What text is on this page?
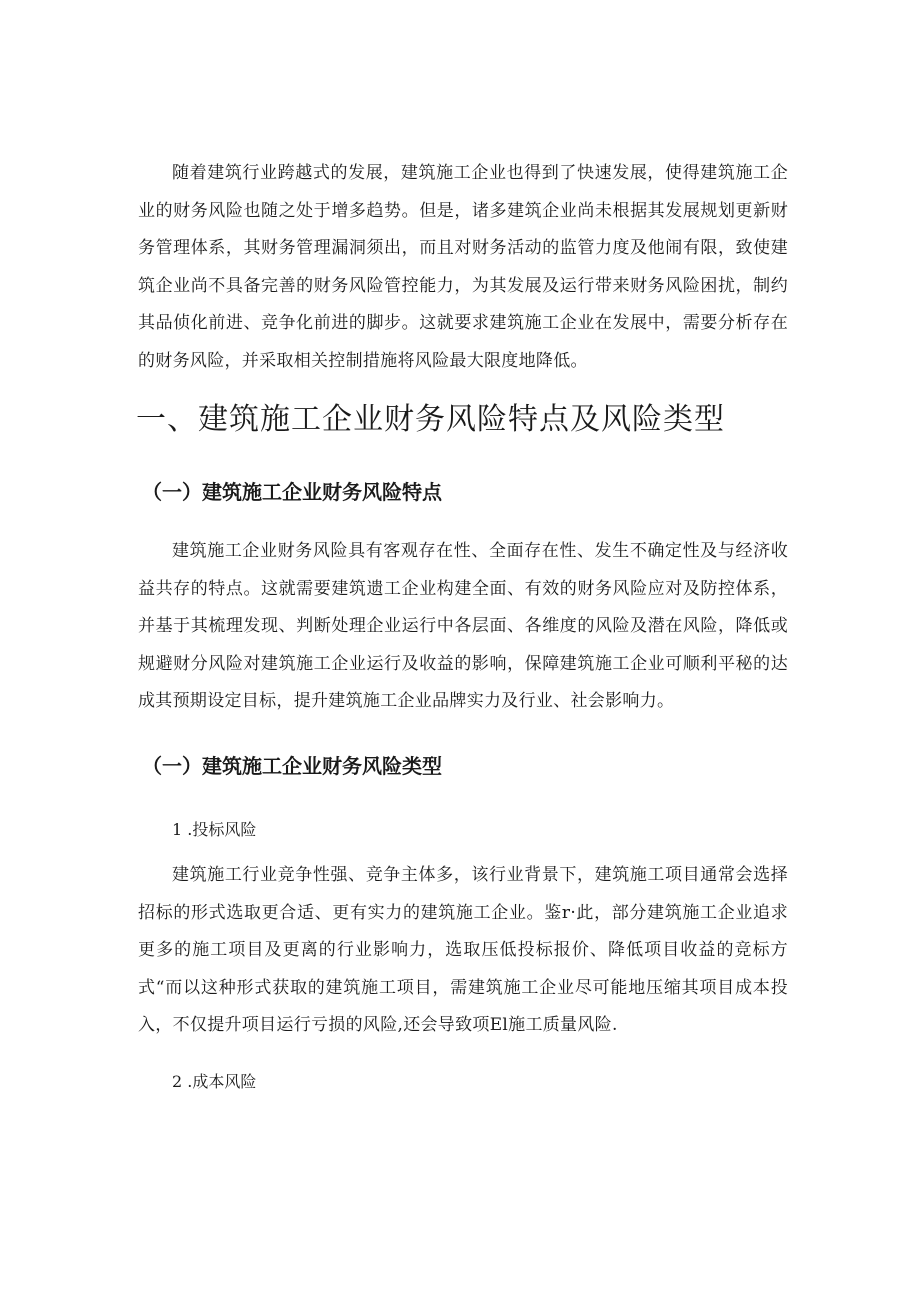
随着建筑行业跨越式的发展，建筑施工企业也得到了快速发展，使得建筑施工企业的财务风险也随之处于增多趋势。但是，诸多建筑企业尚未根据其发展规划更新财务管理体系，其财务管理漏洞须出，而且对财务活动的监管力度及他闹有限，致使建筑企业尚不具备完善的财务风险管控能力，为其发展及运行带来财务风险困扰，制约其品侦化前进、竞争化前进的脚步。这就要求建筑施工企业在发展中，需要分析存在的财务风险，并采取相关控制措施将风险最大限度地降低。

一、建筑施工企业财务风险特点及风险类型
（一）建筑施工企业财务风险特点

建筑施工企业财务风险具有客观存在性、全面存在性、发生不确定性及与经济收益共存的特点。这就需要建筑遗工企业构建全面、有效的财务风险应对及防控体系，并基于其梳理发现、判断处理企业运行中各层面、各维度的风险及潜在风险，降低或规避财分风险对建筑施工企业运行及收益的影响，保障建筑施工企业可顺利平秘的达成其预期设定目标，提升建筑施工企业品牌实力及行业、社会影响力。

（一）建筑施工企业财务风险类型
1 .投标风险

建筑施工行业竞争性强、竞争主体多，该行业背景下，建筑施工项目通常会选择招标的形式选取更合适、更有实力的建筑施工企业。鉴r·此，部分建筑施工企业追求更多的施工项目及更离的行业影响力，选取压低投标报价、降低项目收益的竞标方式“而以这种形式获取的建筑施工项目，需建筑施工企业尽可能地压缩其项目成本投入，不仅提升项目运行亏损的风险,还会导致项El施工质量风险.

2 .成本风险
